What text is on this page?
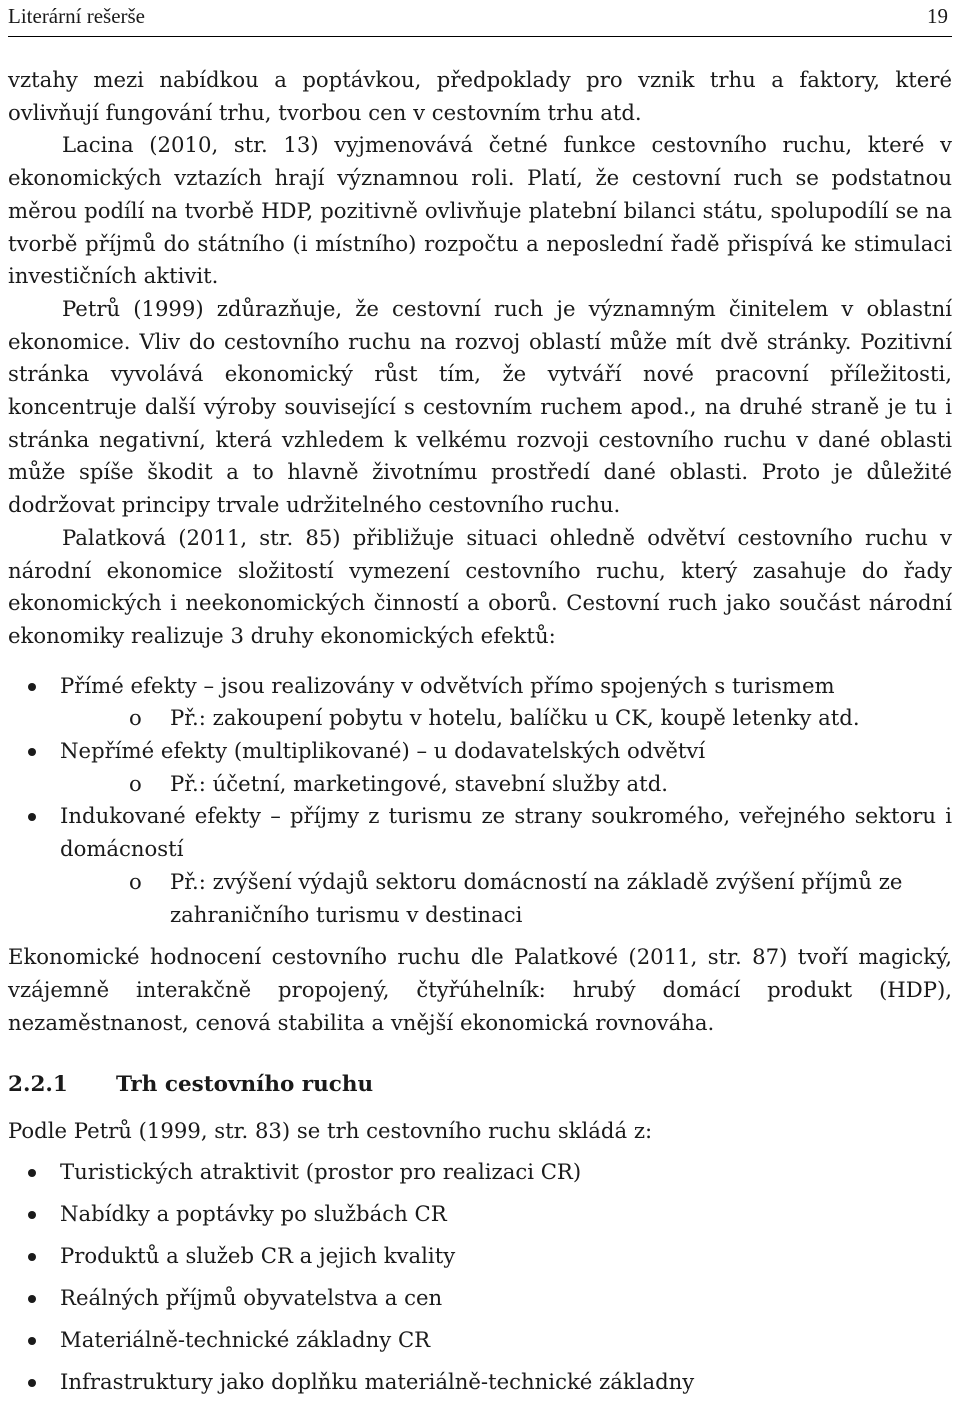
Literární rešerše	19

vztahy mezi nabídkou a poptávkou, předpoklady pro vznik trhu a faktory, které ovlivňují fungování trhu, tvorbou cen v cestovním trhu atd.

Lacina (2010, str. 13) vyjmenovává četné funkce cestovního ruchu, které v ekonomických vztazích hrají významnou roli. Platí, že cestovní ruch se podstatnou měrou podílí na tvorbě HDP, pozitivně ovlivňuje platební bilanci státu, spolupodílí se na tvorbě příjmů do státního (i místního) rozpočtu a neposlední řadě přispívá ke stimulaci investičních aktivit.

Petrů (1999) zdůrazňuje, že cestovní ruch je významným činitelem v oblastní ekonomice. Vliv do cestovního ruchu na rozvoj oblastí může mít dvě stránky. Pozitivní stránka vyvolává ekonomický růst tím, že vytváří nové pracovní příležitosti, koncentruje další výroby související s cestovním ruchem apod., na druhé straně je tu i stránka negativní, která vzhledem k velkému rozvoji cestovního ruchu v dané oblasti může spíše škodit a to hlavně životnímu prostředí dané oblasti. Proto je důležité dodržovat principy trvale udržitelného cestovního ruchu.

Palatková (2011, str. 85) přibližuje situaci ohledně odvětví cestovního ruchu v národní ekonomice složitostí vymezení cestovního ruchu, který zasahuje do řady ekonomických i neekonomických činností a oborů. Cestovní ruch jako součást národní ekonomiky realizuje 3 druhy ekonomických efektů:

Přímé efekty – jsou realizovány v odvětvích přímo spojených s turismem
o Př.: zakoupení pobytu v hotelu, balíčku u CK, koupě letenky atd.
Nepřímé efekty (multiplikované) – u dodavatelských odvětví
o Př.: účetní, marketingové, stavební služby atd.
Indukované efekty – příjmy z turismu ze strany soukromého, veřejného sektoru i domácností
o Př.: zvýšení výdajů sektoru domácností na základě zvýšení příjmů ze zahraničního turismu v destinaci

Ekonomické hodnocení cestovního ruchu dle Palatkové (2011, str. 87) tvoří magický, vzájemně interakčně propojený, čtyřúhelník: hrubý domácí produkt (HDP), nezaměstnanost, cenová stabilita a vnější ekonomická rovnováha.

2.2.1 Trh cestovního ruchu

Podle Petrů (1999, str. 83) se trh cestovního ruchu skládá z:

Turistických atraktivit (prostor pro realizaci CR)
Nabídky a poptávky po službách CR
Produktů a služeb CR a jejich kvality
Reálných příjmů obyvatelstva a cen
Materiálně-technické základny CR
Infrastruktury jako doplňku materiálně-technické základny
